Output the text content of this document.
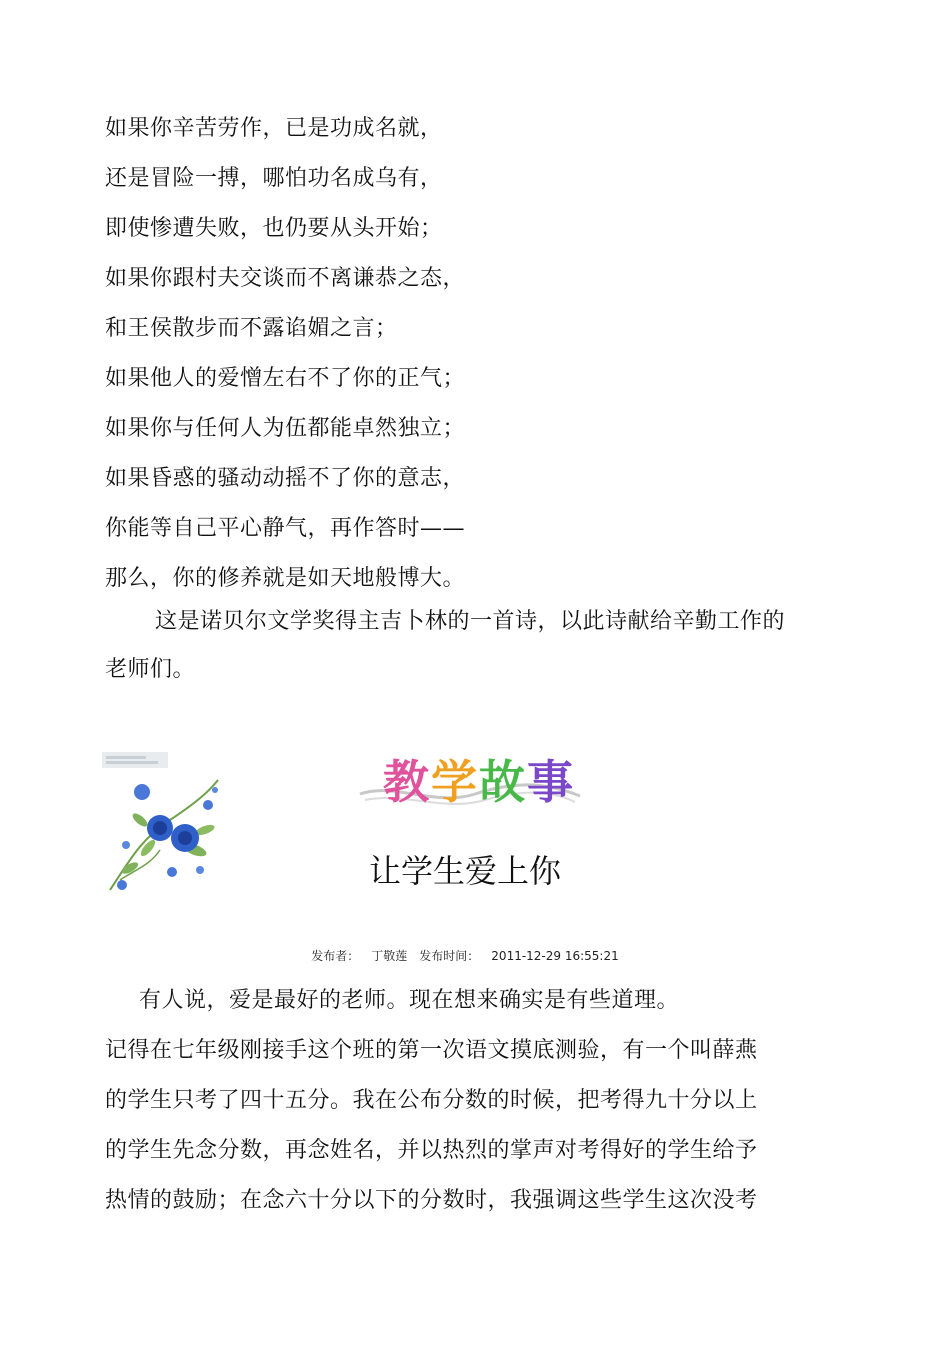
如果你辛苦劳作，已是功成名就，
还是冒险一搏，哪怕功名成乌有，
即使惨遭失败，也仍要从头开始；
如果你跟村夫交谈而不离谦恭之态，
和王侯散步而不露谄媚之言；
如果他人的爱憎左右不了你的正气；
如果你与任何人为伍都能卓然独立；
如果昏惑的骚动动摇不了你的意志，
你能等自己平心静气，再作答时——
那么，你的修养就是如天地般博大。
这是诺贝尔文学奖得主吉卜林的一首诗，以此诗献给辛勤工作的老师们。
教学故事
让学生爱上你
发布者： 丁敬莲 发布时间： 2011-12-29 16:55:21
有人说，爱是最好的老师。现在想来确实是有些道理。
记得在七年级刚接手这个班的第一次语文摸底测验，有一个叫薛燕
的学生只考了四十五分。我在公布分数的时候，把考得九十分以上
的学生先念分数，再念姓名，并以热烈的掌声对考得好的学生给予
热情的鼓励；在念六十分以下的分数时，我强调这些学生这次没考
